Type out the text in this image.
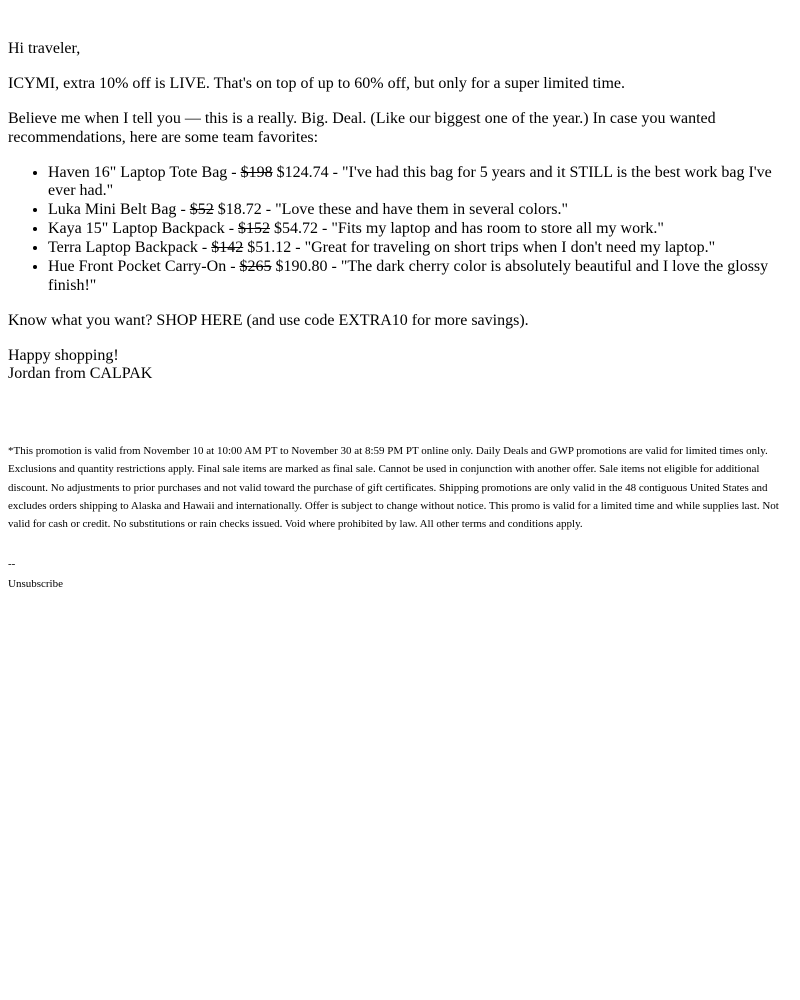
Hi traveler,

ICYMI, extra 10% off is LIVE. That's on top of up to 60% off, but only for a super limited time.

Believe me when I tell you — this is a really. Big. Deal. (Like our biggest one of the year.) In case you wanted recommendations, here are some team favorites:

• Haven 16" Laptop Tote Bag - $198 $124.74 - "I've had this bag for 5 years and it STILL is the best work bag I've ever had."
• Luka Mini Belt Bag - $52 $18.72 - "Love these and have them in several colors."
• Kaya 15" Laptop Backpack - $152 $54.72 - "Fits my laptop and has room to store all my work."
• Terra Laptop Backpack - $142 $51.12 - "Great for traveling on short trips when I don't need my laptop."
• Hue Front Pocket Carry-On - $265 $190.80 - "The dark cherry color is absolutely beautiful and I love the glossy finish!"

Know what you want? SHOP HERE (and use code EXTRA10 for more savings).

Happy shopping!
Jordan from CALPAK

*This promotion is valid from November 10 at 10:00 AM PT to November 30 at 8:59 PM PT online only. Daily Deals and GWP promotions are valid for limited times only. Exclusions and quantity restrictions apply. Final sale items are marked as final sale. Cannot be used in conjunction with another offer. Sale items not eligible for additional discount. No adjustments to prior purchases and not valid toward the purchase of gift certificates. Shipping promotions are only valid in the 48 contiguous United States and excludes orders shipping to Alaska and Hawaii and internationally. Offer is subject to change without notice. This promo is valid for a limited time and while supplies last. Not valid for cash or credit. No substitutions or rain checks issued. Void where prohibited by law. All other terms and conditions apply.

--

Unsubscribe
